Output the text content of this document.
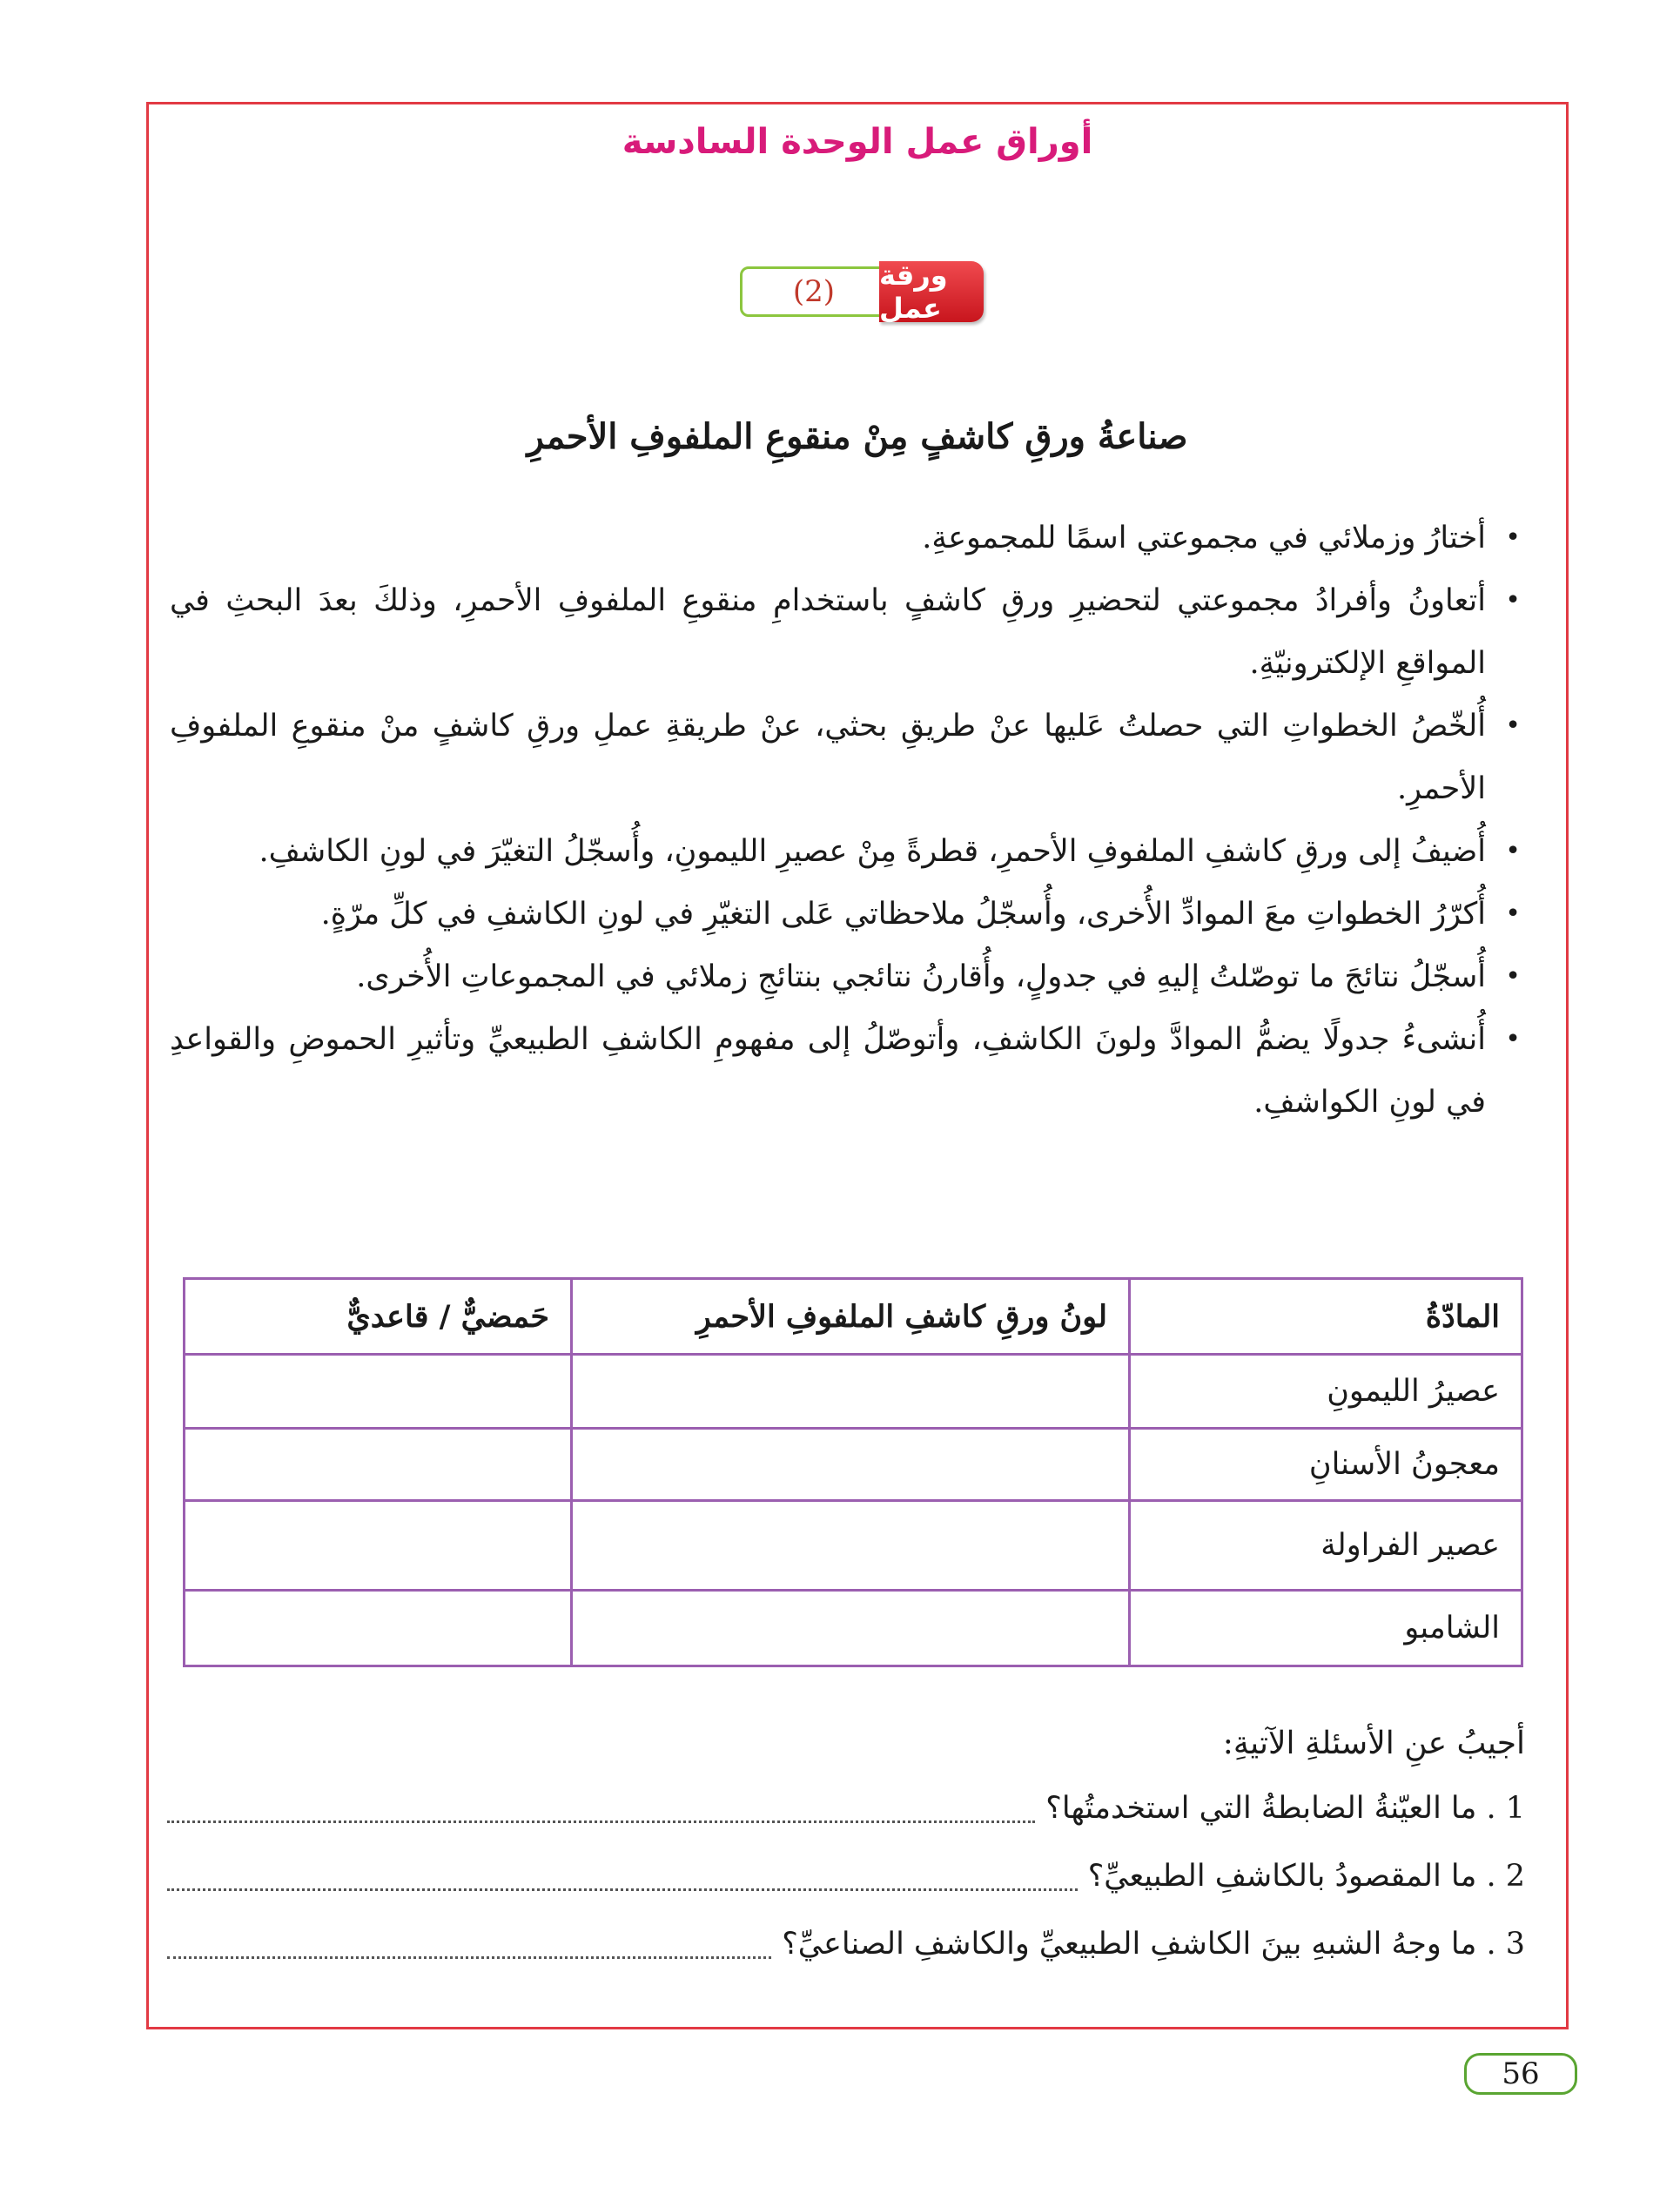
أوراق عمل الوحدة السادسة
(2)	ورقة عمل
صناعةُ ورقِ كاشفٍ مِنْ منقوعِ الملفوفِ الأحمرِ
•
أختارُ وزملائي في مجموعتي اسمًا للمجموعةِ.
•
أتعاونُ وأفرادُ مجموعتي لتحضيرِ ورقِ كاشفٍ باستخدامِ منقوعِ الملفوفِ الأحمرِ، وذلكَ بعدَ البحثِ في المواقعِ الإلكترونيّةِ.
•
أُلخّصُ الخطواتِ التي حصلتُ عَليها عنْ طريقِ بحثي، عنْ طريقةِ عملِ ورقِ كاشفٍ منْ منقوعِ الملفوفِ الأحمرِ.
•
أُضيفُ إلى ورقِ كاشفِ الملفوفِ الأحمرِ، قطرةً مِنْ عصيرِ الليمونِ، وأُسجّلُ التغيّرَ في لونِ الكاشفِ.
•
أُكرّرُ الخطواتِ معَ الموادِّ الأُخرى، وأُسجّلُ ملاحظاتي عَلى التغيّرِ في لونِ الكاشفِ في كلِّ مرّةٍ.
•
أُسجّلُ نتائجَ ما توصّلتُ إليهِ في جدولٍ، وأُقارنُ نتائجي بنتائجِ زملائي في المجموعاتِ الأُخرى.
•
أُنشىءُ جدولًا يضمُّ الموادَّ ولونَ الكاشفِ، وأتوصّلُ إلى مفهومِ الكاشفِ الطبيعيِّ وتأثيرِ الحموضِ والقواعدِ في لونِ الكواشفِ.
المادّةُ	لونُ ورقِ كاشفِ الملفوفِ الأحمرِ	حَمضيٌّ / قاعديٌّ
عصيرُ الليمونِ		
معجونُ الأسنانِ		
عصير الفراولة		
الشامبو		
أجيبُ عنِ الأسئلةِ الآتيةِ:
1 . ما العيّنةُ الضابطةُ التي استخدمتُها؟
2 . ما المقصودُ بالكاشفِ الطبيعيِّ؟
3 . ما وجهُ الشبهِ بينَ الكاشفِ الطبيعيِّ والكاشفِ الصناعيِّ؟
56
